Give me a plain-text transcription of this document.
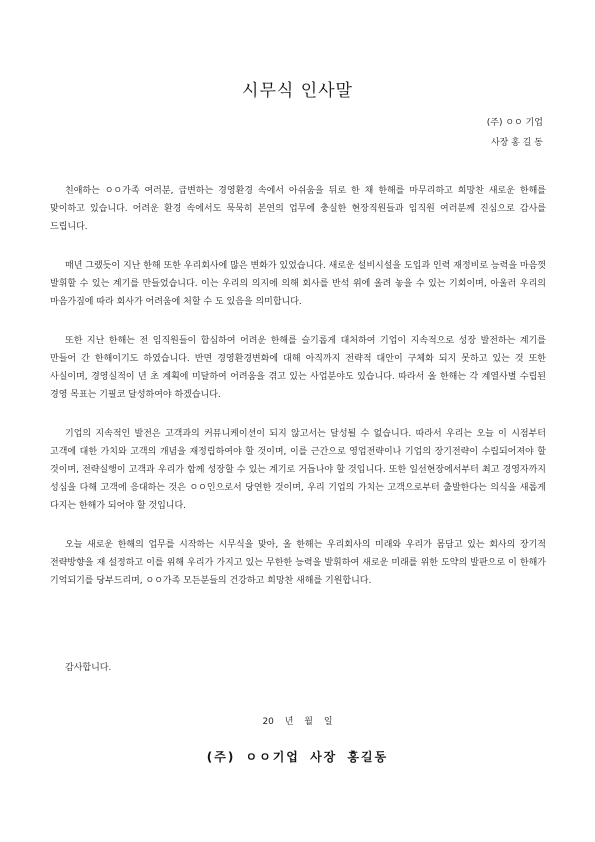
시무식 인사말
(주) ㅇㅇ 기업
사장 홍 길 동

친애하는 ㅇㅇ가족 여러분, 급변하는 경영환경 속에서 아쉬움을 뒤로 한 채 한해를 마무리하고 희망찬 새로운 한해를 맞이하고 있습니다. 어려운 환경 속에서도 묵묵히 본연의 업무에 충실한 현장직원들과 임직원 여러분께 진심으로 감사를 드립니다.

매년 그랬듯이 지난 한해 또한 우리회사에 많은 변화가 있었습니다. 새로운 설비시설을 도입과 인력 재정비로 능력을 마음껏 발휘할 수 있는 계기를 만들었습니다. 이는 우리의 의지에 의해 회사를 반석 위에 올려 놓을 수 있는 기회이며, 아울러 우리의 마음가짐에 따라 회사가 어려움에 처할 수 도 있음을 의미합니다.

또한 지난 한해는 전 임직원들이 합심하여 어려운 한해를 슬기롭게 대처하여 기업이 지속적으로 성장 발전하는 계기를 만들어 간 한해이기도 하였습니다. 반면 경영환경변화에 대해 아직까지 전략적 대안이 구체화 되지 못하고 있는 것 또한 사실이며, 경영실적이 년 초 계획에 미달하여 어려움을 겪고 있는 사업분야도 있습니다. 따라서 올 한해는 각 계열사별 수립된 경영 목표는 기필코 달성하여야 하겠습니다.

기업의 지속적인 발전은 고객과의 커뮤니케이션이 되지 않고서는 달성될 수 없습니다. 따라서 우리는 오늘 이 시점부터 고객에 대한 가치와 고객의 개념을 재정립하여야 할 것이며, 이를 근간으로 영업전략이나 기업의 장기전략이 수립되어져야 할 것이며, 전략실행이 고객과 우리가 함께 성장할 수 있는 계기로 거듭나야 할 것입니다. 또한 일선현장에서부터 최고 경영자까지 성심을 다해 고객에 응대하는 것은 ㅇㅇ인으로서 당연한 것이며, 우리 기업의 가치는 고객으로부터 출발한다는 의식을 새롭게 다지는 한해가 되어야 할 것입니다.

오늘 새로운 한해의 업무를 시작하는 시무식을 맞아, 올 한해는 우리회사의 미래와 우리가 몸담고 있는 회사의 장기적 전략방향을 재 설정하고 이를 위해 우리가 가지고 있는 무한한 능력을 발휘하여 새로운 미래를 위한 도약의 발판으로 이 한해가 기억되기를 당부드리며, ㅇㅇ가족 모든분들의 건강하고 희망찬 새해를 기원합니다.

감사합니다.
20 년 월 일
(주) ㅇㅇ기업 사장 홍길동
